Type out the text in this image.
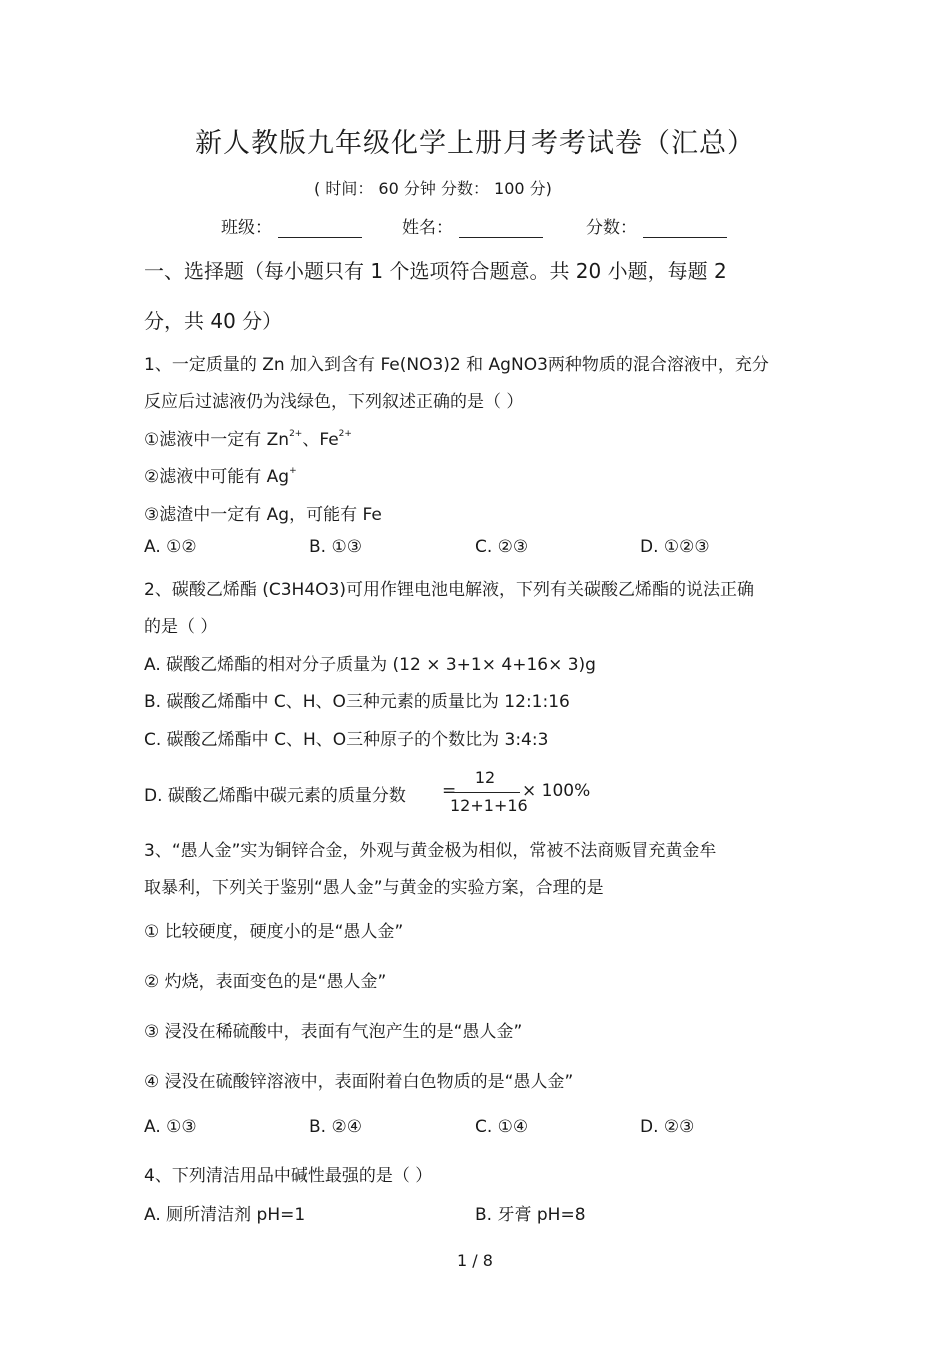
新人教版九年级化学上册月考考试卷（汇总）
( 时间： 60 分钟 分数： 100 分)
班级：	姓名：	分数：
一、选择题（每小题只有 1 个选项符合题意。共 20 小题，每题 2
分，共 40 分）
1、一定质量的 Zn 加入到含有 Fe(NO3)2 和 AgNO3两种物质的混合溶液中，充分
反应后过滤液仍为浅绿色，下列叙述正确的是（ ）
①滤液中一定有 $Zn^{2+}$、$Fe^{2+}$
②滤液中可能有 Ag+
③滤渣中一定有 Ag，可能有 Fe
A. ①②	B. ①③	C. ②③	D. ①②③
2、碳酸乙烯酯 (C3H4O3)可用作锂电池电解液，下列有关碳酸乙烯酯的说法正确
的是（ ）
A. 碳酸乙烯酯的相对分子质量为 (12 × 3+1× 4+16× 3)g
B. 碳酸乙烯酯中 C、H、O三种元素的质量比为 12:1:16
C. 碳酸乙烯酯中 C、H、O三种原子的个数比为 3:4:3
D. 碳酸乙烯酯中碳元素的质量分数 =
12
12+1+16
× 100%
3、“愚人金”实为铜锌合金，外观与黄金极为相似，常被不法商贩冒充黄金牟
取暴利，下列关于鉴别“愚人金”与黄金的实验方案，合理的是
① 比较硬度，硬度小的是“愚人金”
② 灼烧，表面变色的是“愚人金”
③ 浸没在稀硫酸中，表面有气泡产生的是“愚人金”
④ 浸没在硫酸锌溶液中，表面附着白色物质的是“愚人金”
A. ①③	B. ②④	C. ①④	D. ②③
4、下列清洁用品中碱性最强的是（ ）
A. 厕所清洁剂 pH=1	B. 牙膏 pH=8
1 / 8
